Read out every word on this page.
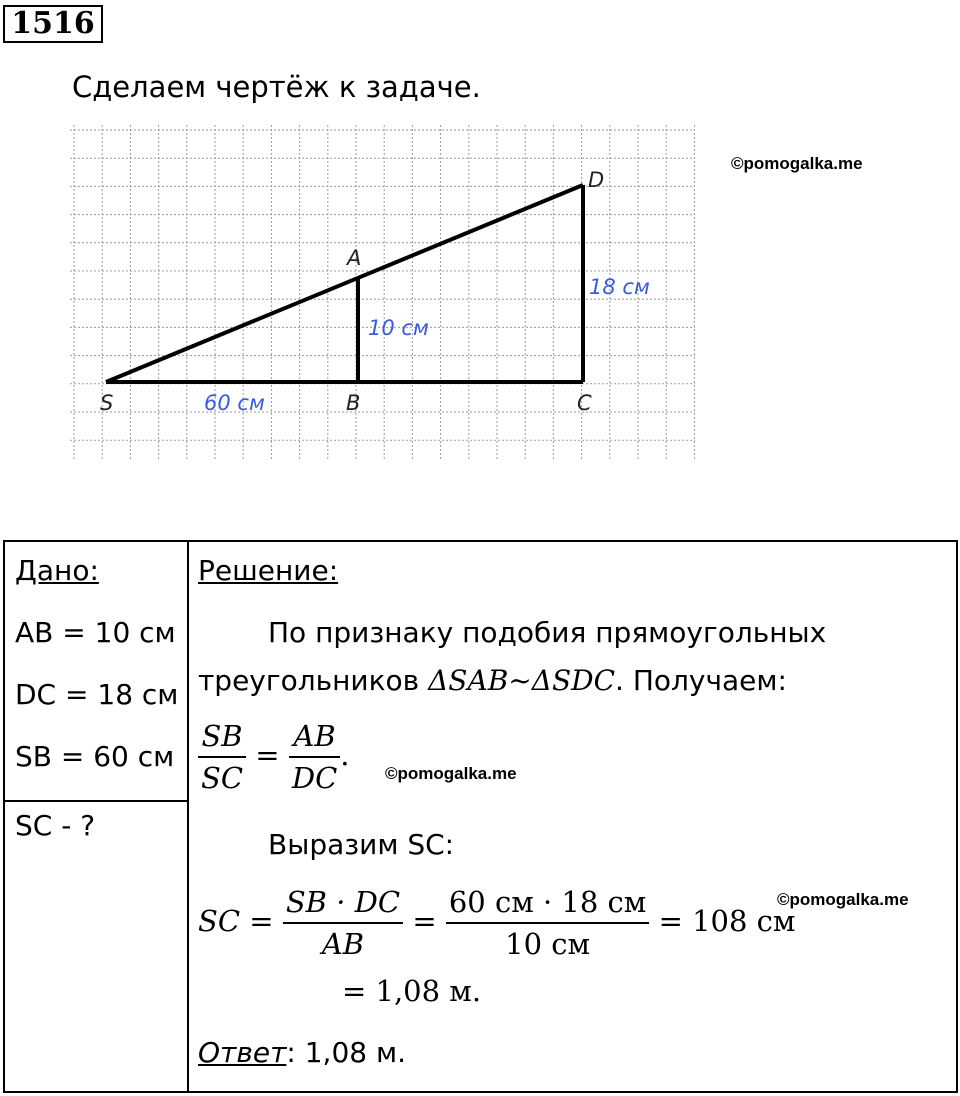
1516
Сделаем чертёж к задаче.
©pomogalka.me
D
A
S	B	C
60 см
10 см
18 см
Дано:
AB = 10 см
DC = 18 см
SB = 60 см
SC - ?
Решение:
По признаку подобия прямоугольных
треугольников ΔSAB~ΔSDC. Получаем:
$\frac{SB}{SC} = \frac{AB}{DC}$ .
©pomogalka.me
Выразим SC:
SC = $\frac{SB \cdot DC}{AB} = \frac{60 см \cdot 18 см}{10 см} = 108$ см
©pomogalka.me
= 1,08 м.
Ответ: 1,08 м.
